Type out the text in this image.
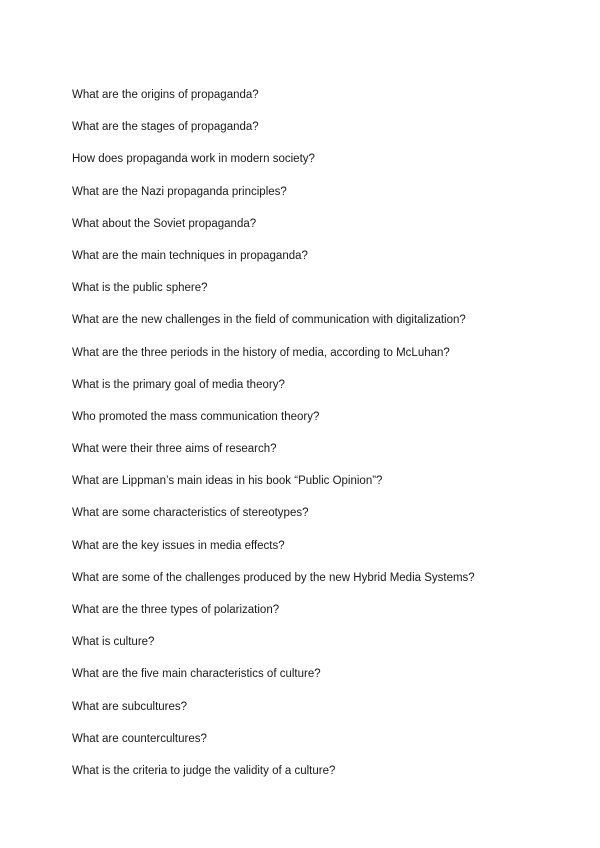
What are the origins of propaganda?
What are the stages of propaganda?
How does propaganda work in modern society?
What are the Nazi propaganda principles?
What about the Soviet propaganda?
What are the main techniques in propaganda?
What is the public sphere?
What are the new challenges in the field of communication with digitalization?
What are the three periods in the history of media, according to McLuhan?
What is the primary goal of media theory?
Who promoted the mass communication theory?
What were their three aims of research?
What are Lippman’s main ideas in his book “Public Opinion”?
What are some characteristics of stereotypes?
What are the key issues in media effects?
What are some of the challenges produced by the new Hybrid Media Systems?
What are the three types of polarization?
What is culture?
What are the five main characteristics of culture?
What are subcultures?
What are countercultures?
What is the criteria to judge the validity of a culture?
